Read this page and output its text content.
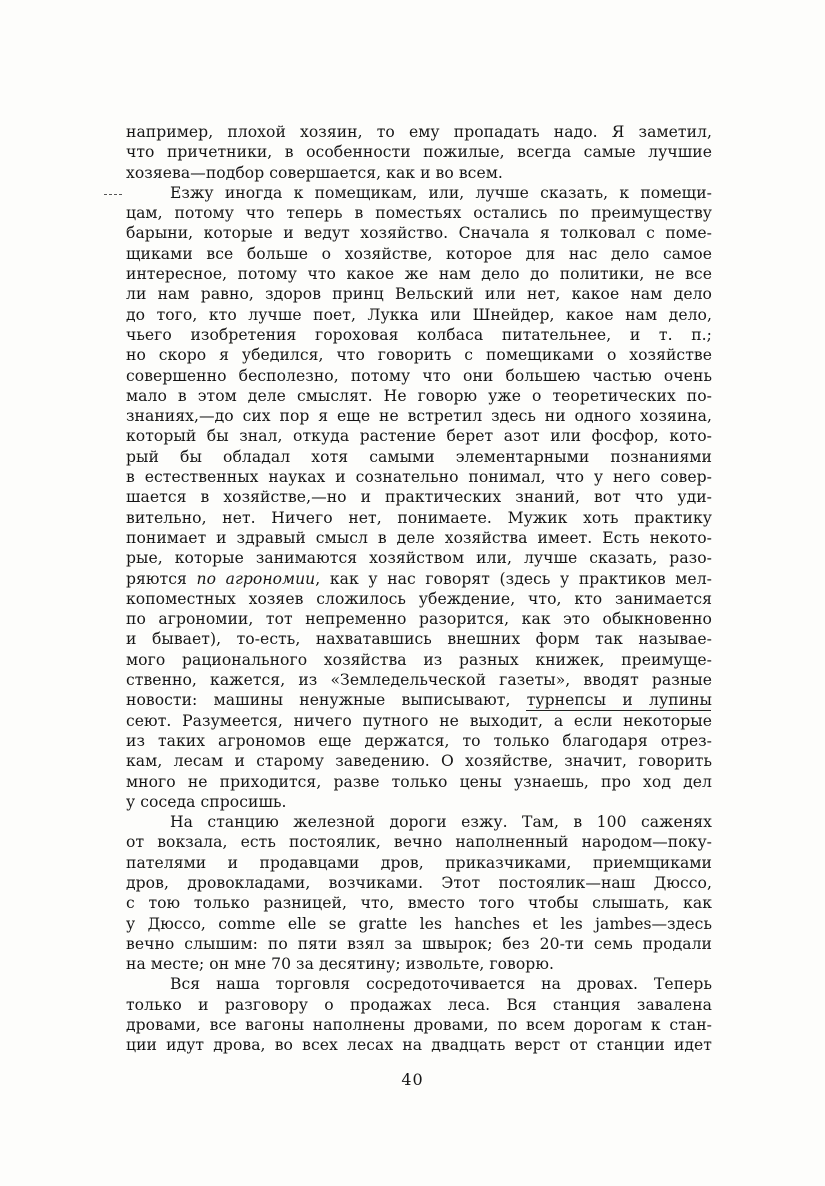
например, плохой хозяин, то ему пропадать надо. Я заметил,
что причетники, в особенности пожилые, всегда самые лучшие
хозяева—подбор совершается, как и во всем.
Езжу иногда к помещикам, или, лучше сказать, к помещи-
цам, потому что теперь в поместьях остались по преимуществу
барыни, которые и ведут хозяйство. Сначала я толковал с поме-
щиками все больше о хозяйстве, которое для нас дело самое
интересное, потому что какое же нам дело до политики, не все
ли нам равно, здоров принц Вельский или нет, какое нам дело
до того, кто лучше поет, Лукка или Шнейдер, какое нам дело,
чьего изобретения гороховая колбаса питательнее, и т. п.;
но скоро я убедился, что говорить с помещиками о хозяйстве
совершенно бесполезно, потому что они большею частью очень
мало в этом деле смыслят. Не говорю уже о теоретических по-
знаниях,—до сих пор я еще не встретил здесь ни одного хозяина,
который бы знал, откуда растение берет азот или фосфор, кото-
рый бы обладал хотя самыми элементарными познаниями
в естественных науках и сознательно понимал, что у него совер-
шается в хозяйстве,—но и практических знаний, вот что уди-
вительно, нет. Ничего нет, понимаете. Мужик хоть практику
понимает и здравый смысл в деле хозяйства имеет. Есть некото-
рые, которые занимаются хозяйством или, лучше сказать, разо-
ряются по агрономии, как у нас говорят (здесь у практиков мел-
копоместных хозяев сложилось убеждение, что, кто занимается
по агрономии, тот непременно разорится, как это обыкновенно
и бывает), то-есть, нахватавшись внешних форм так называе-
мого рационального хозяйства из разных книжек, преимуще-
ственно, кажется, из «Земледельческой газеты», вводят разные
новости: машины ненужные выписывают, турнепсы и лупины
сеют. Разумеется, ничего путного не выходит, а если некоторые
из таких агрономов еще держатся, то только благодаря отрез-
кам, лесам и старому заведению. О хозяйстве, значит, говорить
много не приходится, разве только цены узнаешь, про ход дел
у соседа спросишь.
На станцию железной дороги езжу. Там, в 100 саженях
от вокзала, есть постоялик, вечно наполненный народом—поку-
пателями и продавцами дров, приказчиками, приемщиками
дров, дровокладами, возчиками. Этот постоялик—наш Дюссо,
с тою только разницей, что, вместо того чтобы слышать, как
у Дюссо, comme elle se gratte les hanches et les jambes—здесь
вечно слышим: по пяти взял за швырок; без 20-ти семь продали
на месте; он мне 70 за десятину; извольте, говорю.
Вся наша торговля сосредоточивается на дровах. Теперь
только и разговору о продажах леса. Вся станция завалена
дровами, все вагоны наполнены дровами, по всем дорогам к стан-
ции идут дрова, во всех лесах на двадцать верст от станции идет
40
